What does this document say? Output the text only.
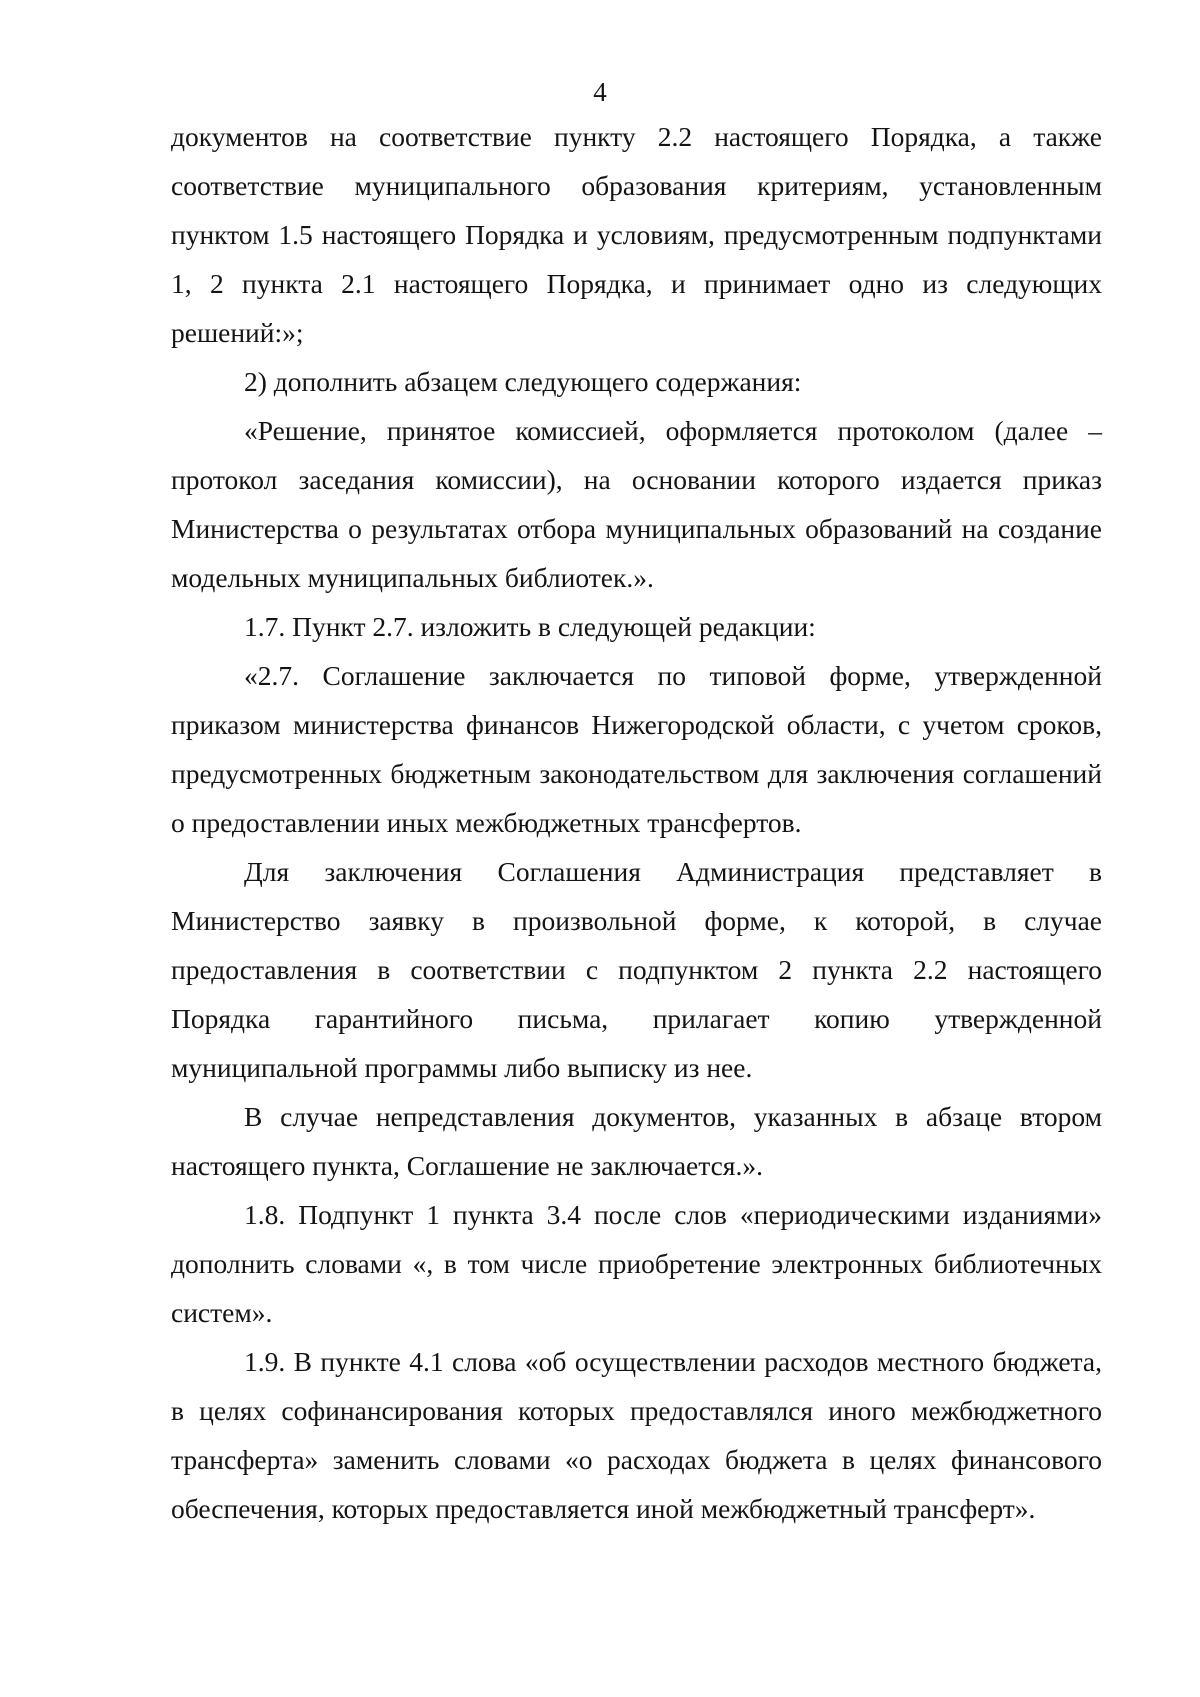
4

документов на соответствие пункту 2.2 настоящего Порядка, а также соответствие муниципального образования критериям, установленным пунктом 1.5 настоящего Порядка и условиям, предусмотренным подпунктами 1, 2 пункта 2.1 настоящего Порядка, и принимает одно из следующих решений:»;

2) дополнить абзацем следующего содержания:

«Решение, принятое комиссией, оформляется протоколом (далее – протокол заседания комиссии), на основании которого издается приказ Министерства о результатах отбора муниципальных образований на создание модельных муниципальных библиотек.».

1.7. Пункт 2.7. изложить в следующей редакции:

«2.7. Соглашение заключается по типовой форме, утвержденной приказом министерства финансов Нижегородской области, с учетом сроков, предусмотренных бюджетным законодательством для заключения соглашений о предоставлении иных межбюджетных трансфертов.

Для заключения Соглашения Администрация представляет в Министерство заявку в произвольной форме, к которой, в случае предоставления в соответствии с подпунктом 2 пункта 2.2 настоящего Порядка гарантийного письма, прилагает копию утвержденной муниципальной программы либо выписку из нее.

В случае непредставления документов, указанных в абзаце втором настоящего пункта, Соглашение не заключается.».

1.8. Подпункт 1 пункта 3.4 после слов «периодическими изданиями» дополнить словами «, в том числе приобретение электронных библиотечных систем».

1.9. В пункте 4.1 слова «об осуществлении расходов местного бюджета, в целях софинансирования которых предоставлялся иного межбюджетного трансферта» заменить словами «о расходах бюджета в целях финансового обеспечения, которых предоставляется иной межбюджетный трансферт».
